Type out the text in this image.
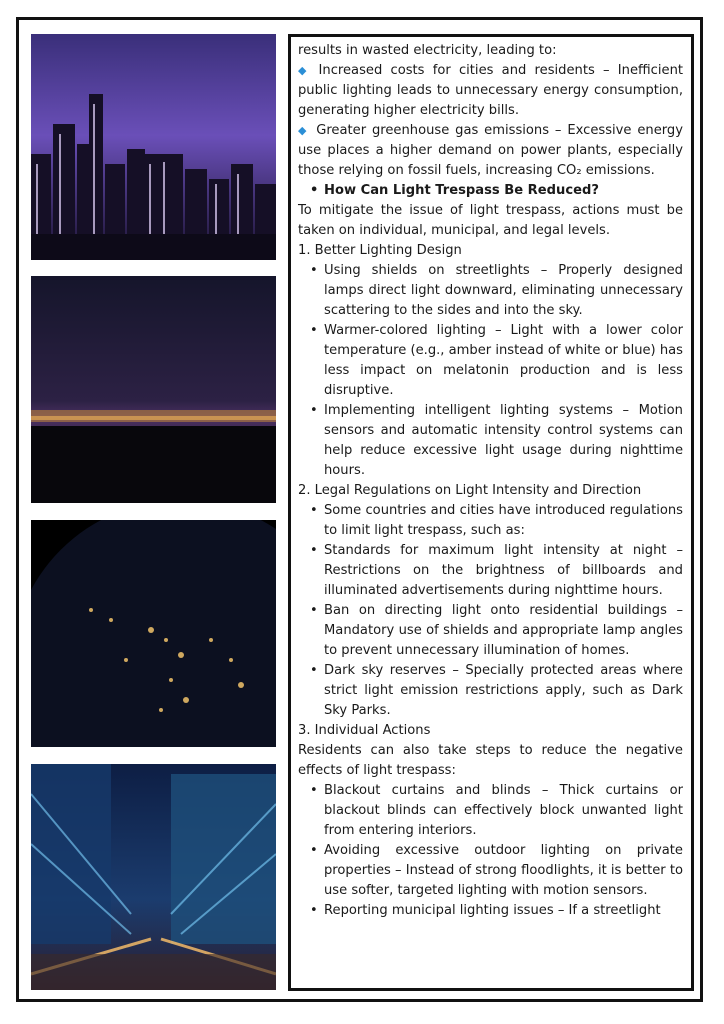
results in wasted electricity, leading to:

◆ Increased costs for cities and residents – Inefficient public lighting leads to unnecessary energy consumption, generating higher electricity bills.

◆ Greater greenhouse gas emissions – Excessive energy use places a higher demand on power plants, especially those relying on fossil fuels, increasing CO₂ emissions.

• How Can Light Trespass Be Reduced?

To mitigate the issue of light trespass, actions must be taken on individual, municipal, and legal levels.

1. Better Lighting Design

• Using shields on streetlights – Properly designed lamps direct light downward, eliminating unnecessary scattering to the sides and into the sky.

• Warmer-colored lighting – Light with a lower color temperature (e.g., amber instead of white or blue) has less impact on melatonin production and is less disruptive.

• Implementing intelligent lighting systems – Motion sensors and automatic intensity control systems can help reduce excessive light usage during nighttime hours.

2. Legal Regulations on Light Intensity and Direction

• Some countries and cities have introduced regulations to limit light trespass, such as:

• Standards for maximum light intensity at night – Restrictions on the brightness of billboards and illuminated advertisements during nighttime hours.

• Ban on directing light onto residential buildings – Mandatory use of shields and appropriate lamp angles to prevent unnecessary illumination of homes.

• Dark sky reserves – Specially protected areas where strict light emission restrictions apply, such as Dark Sky Parks.

3. Individual Actions

Residents can also take steps to reduce the negative effects of light trespass:

• Blackout curtains and blinds – Thick curtains or blackout blinds can effectively block unwanted light from entering interiors.

• Avoiding excessive outdoor lighting on private properties – Instead of strong floodlights, it is better to use softer, targeted lighting with motion sensors.

• Reporting municipal lighting issues – If a streetlight
